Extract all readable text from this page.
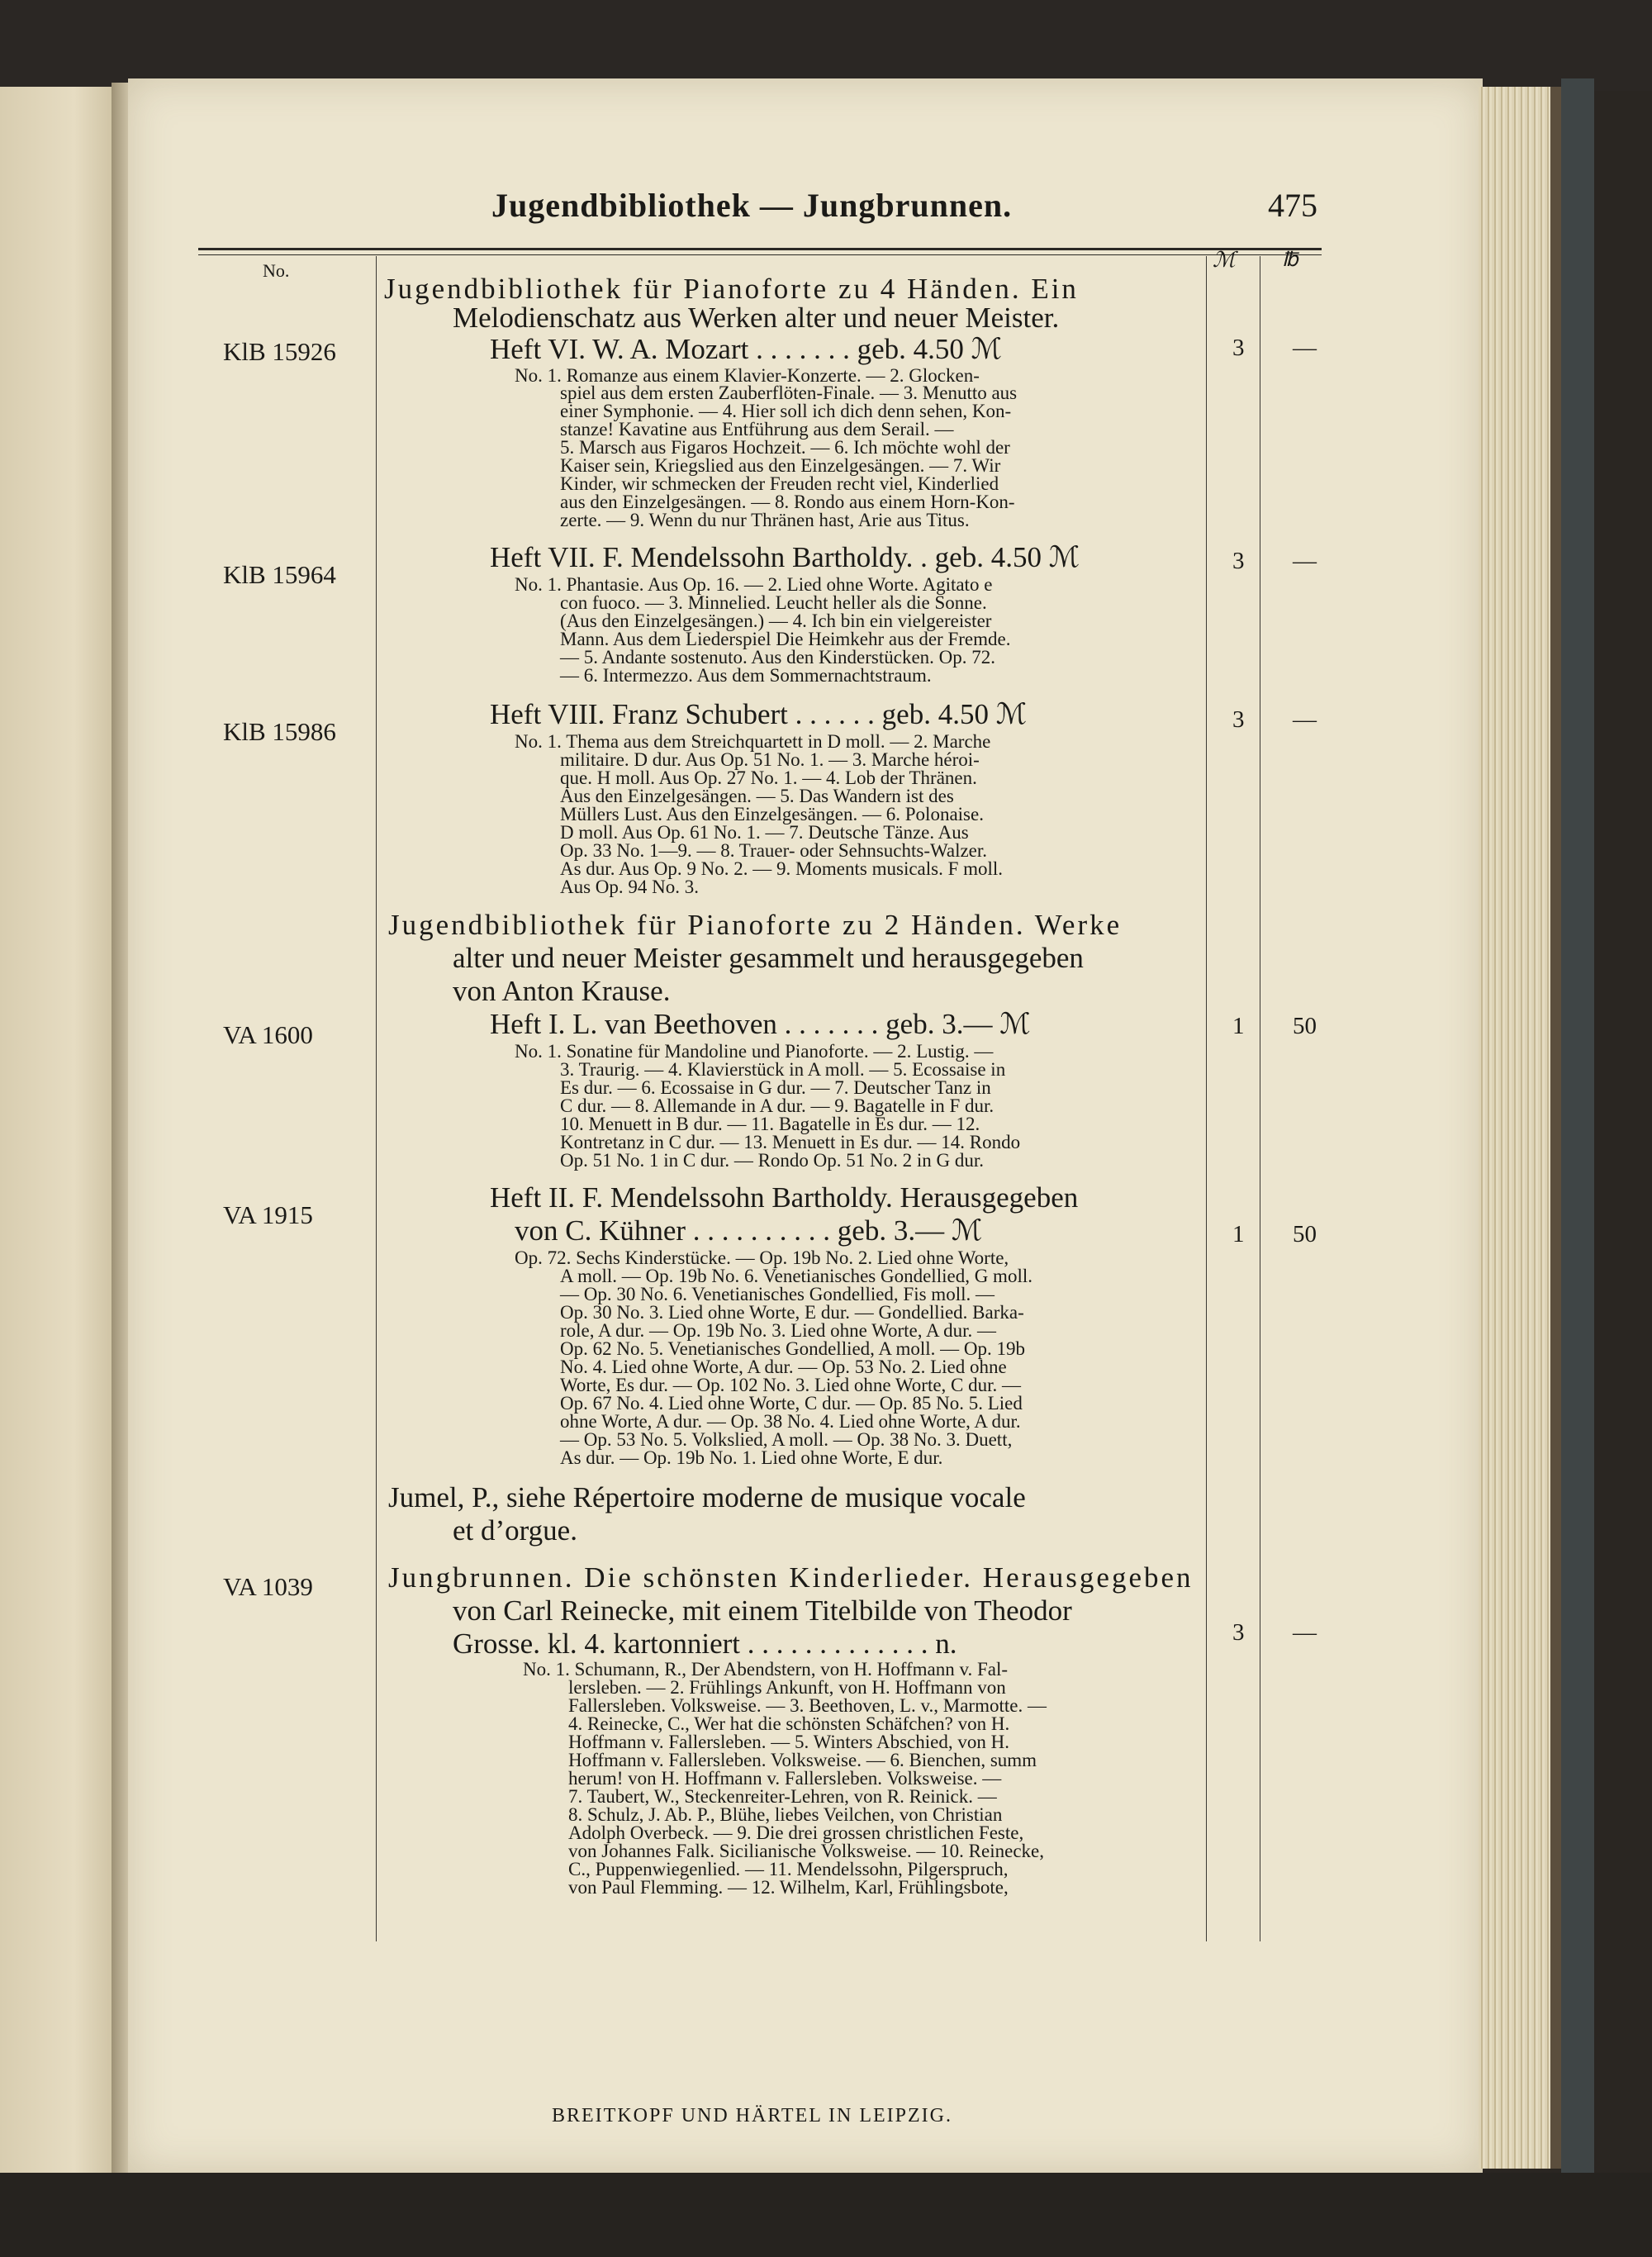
Jugendbibliothek — Jungbrunnen.	475
No.	ℳ ℔
KlB 15926
KlB 15964
KlB 15986
VA 1600
VA 1915
VA 1039
3 —
3 —
3 —
1 50
1 50
3 —
Jugendbibliothek für Pianoforte zu 4 Händen. Ein
Melodienschatz aus Werken alter und neuer Meister.
Heft VI. W. A. Mozart . . . . . . . geb. 4.50 ℳ
No. 1. Romanze aus einem Klavier-Konzerte. — 2. Glocken-
spiel aus dem ersten Zauberflöten-Finale. — 3. Menutto aus
einer Symphonie. — 4. Hier soll ich dich denn sehen, Kon-
stanze! Kavatine aus Entführung aus dem Serail. —
5. Marsch aus Figaros Hochzeit. — 6. Ich möchte wohl der
Kaiser sein, Kriegslied aus den Einzelgesängen. — 7. Wir
Kinder, wir schmecken der Freuden recht viel, Kinderlied
aus den Einzelgesängen. — 8. Rondo aus einem Horn-Kon-
zerte. — 9. Wenn du nur Thränen hast, Arie aus Titus.
Heft VII. F. Mendelssohn Bartholdy. . geb. 4.50 ℳ
No. 1. Phantasie. Aus Op. 16. — 2. Lied ohne Worte. Agitato e
con fuoco. — 3. Minnelied. Leucht heller als die Sonne.
(Aus den Einzelgesängen.) — 4. Ich bin ein vielgereister
Mann. Aus dem Liederspiel Die Heimkehr aus der Fremde.
— 5. Andante sostenuto. Aus den Kinderstücken. Op. 72.
— 6. Intermezzo. Aus dem Sommernachtstraum.
Heft VIII. Franz Schubert . . . . . . geb. 4.50 ℳ
No. 1. Thema aus dem Streichquartett in D moll. — 2. Marche
militaire. D dur. Aus Op. 51 No. 1. — 3. Marche héroi-
que. H moll. Aus Op. 27 No. 1. — 4. Lob der Thränen.
Aus den Einzelgesängen. — 5. Das Wandern ist des
Müllers Lust. Aus den Einzelgesängen. — 6. Polonaise.
D moll. Aus Op. 61 No. 1. — 7. Deutsche Tänze. Aus
Op. 33 No. 1—9. — 8. Trauer- oder Sehnsuchts-Walzer.
As dur. Aus Op. 9 No. 2. — 9. Moments musicals. F moll.
Aus Op. 94 No. 3.
Jugendbibliothek für Pianoforte zu 2 Händen. Werke
alter und neuer Meister gesammelt und herausgegeben
von Anton Krause.
Heft I. L. van Beethoven . . . . . . . geb. 3.— ℳ
No. 1. Sonatine für Mandoline und Pianoforte. — 2. Lustig. —
3. Traurig. — 4. Klavierstück in A moll. — 5. Ecossaise in
Es dur. — 6. Ecossaise in G dur. — 7. Deutscher Tanz in
C dur. — 8. Allemande in A dur. — 9. Bagatelle in F dur.
10. Menuett in B dur. — 11. Bagatelle in Es dur. — 12.
Kontretanz in C dur. — 13. Menuett in Es dur. — 14. Rondo
Op. 51 No. 1 in C dur. — Rondo Op. 51 No. 2 in G dur.
Heft II. F. Mendelssohn Bartholdy. Herausgegeben
von C. Kühner . . . . . . . . . . geb. 3.— ℳ
Op. 72. Sechs Kinderstücke. — Op. 19b No. 2. Lied ohne Worte,
A moll. — Op. 19b No. 6. Venetianisches Gondellied, G moll.
— Op. 30 No. 6. Venetianisches Gondellied, Fis moll. —
Op. 30 No. 3. Lied ohne Worte, E dur. — Gondellied. Barka-
role, A dur. — Op. 19b No. 3. Lied ohne Worte, A dur. —
Op. 62 No. 5. Venetianisches Gondellied, A moll. — Op. 19b
No. 4. Lied ohne Worte, A dur. — Op. 53 No. 2. Lied ohne
Worte, Es dur. — Op. 102 No. 3. Lied ohne Worte, C dur. —
Op. 67 No. 4. Lied ohne Worte, C dur. — Op. 85 No. 5. Lied
ohne Worte, A dur. — Op. 38 No. 4. Lied ohne Worte, A dur.
— Op. 53 No. 5. Volkslied, A moll. — Op. 38 No. 3. Duett,
As dur. — Op. 19b No. 1. Lied ohne Worte, E dur.
Jumel, P., siehe Répertoire moderne de musique vocale
et d’orgue.
Jungbrunnen. Die schönsten Kinderlieder. Herausgegeben
von Carl Reinecke, mit einem Titelbilde von Theodor
Grosse. kl. 4. kartonniert . . . . . . . . . . . . . n.
No. 1. Schumann, R., Der Abendstern, von H. Hoffmann v. Fal-
lersleben. — 2. Frühlings Ankunft, von H. Hoffmann von
Fallersleben. Volksweise. — 3. Beethoven, L. v., Marmotte. —
4. Reinecke, C., Wer hat die schönsten Schäfchen? von H.
Hoffmann v. Fallersleben. — 5. Winters Abschied, von H.
Hoffmann v. Fallersleben. Volksweise. — 6. Bienchen, summ
herum! von H. Hoffmann v. Fallersleben. Volksweise. —
7. Taubert, W., Steckenreiter-Lehren, von R. Reinick. —
8. Schulz, J. Ab. P., Blühe, liebes Veilchen, von Christian
Adolph Overbeck. — 9. Die drei grossen christlichen Feste,
von Johannes Falk. Sicilianische Volksweise. — 10. Reinecke,
C., Puppenwiegenlied. — 11. Mendelssohn, Pilgerspruch,
von Paul Flemming. — 12. Wilhelm, Karl, Frühlingsbote,
BREITKOPF UND HÄRTEL IN LEIPZIG.
